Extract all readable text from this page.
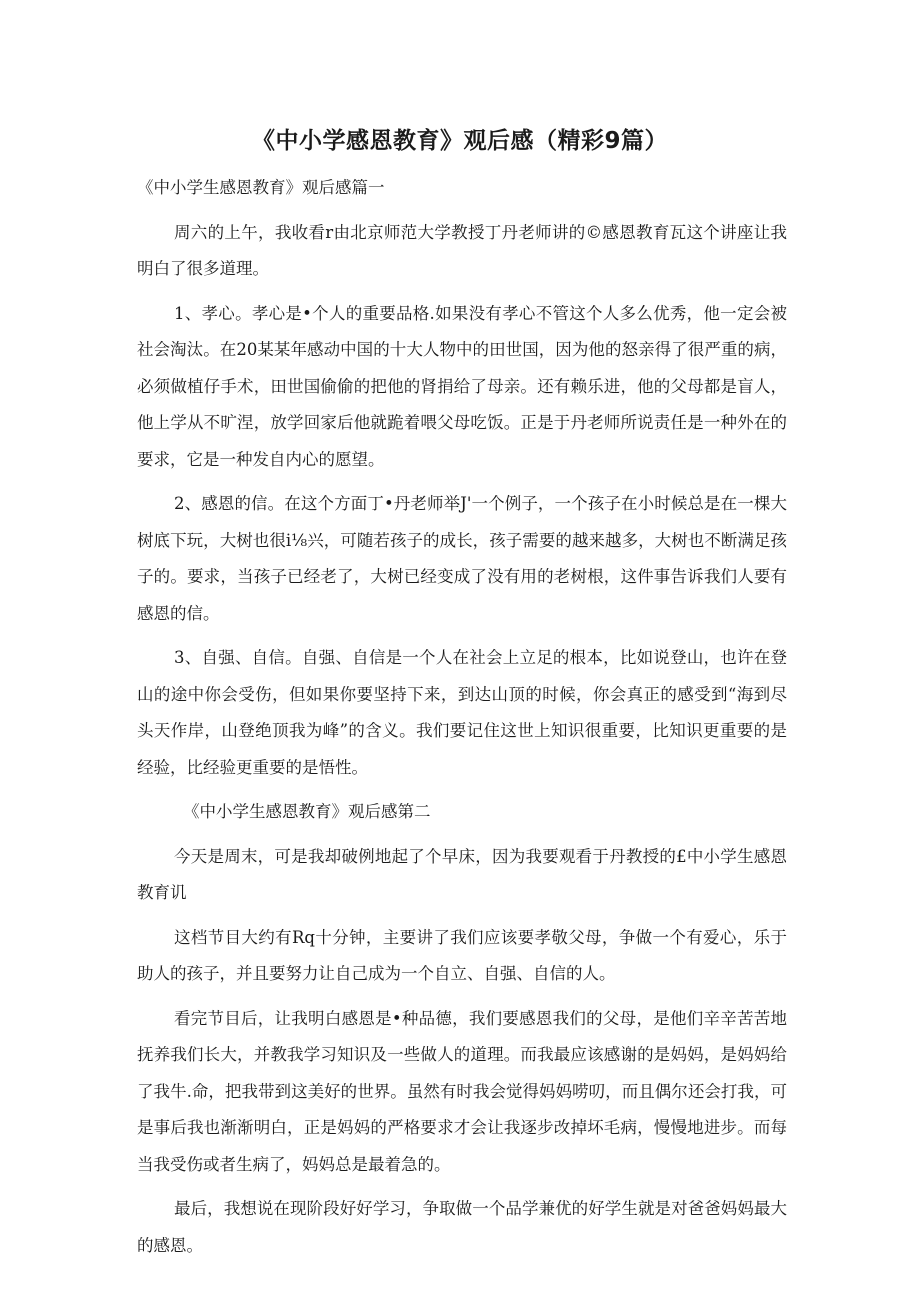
《中小学感恩教育》观后感（精彩9篇）

《中小学生感恩教育》观后感篇一

周六的上午，我收看r由北京师范大学教授丁丹老师讲的©感恩教育瓦这个讲座让我明白了很多道理。

1、孝心。孝心是•个人的重要品格.如果没有孝心不管这个人多么优秀，他一定会被社会淘汰。在20某某年感动中国的十大人物中的田世国，因为他的怒亲得了很严重的病，必须做植仔手术，田世国偷偷的把他的肾捐给了母亲。还有赖乐进，他的父母都是盲人，他上学从不旷涅，放学回家后他就跪着喂父母吃饭。正是于丹老师所说责任是一种外在的要求，它是一种发自内心的愿望。

2、感恩的信。在这个方面丁•丹老师举J'一个例子，一个孩子在小时候总是在一棵大树底下玩，大树也很i⅛兴，可随若孩子的成长，孩子需要的越来越多，大树也不断满足孩子的。要求，当孩子已经老了，大树已经变成了没有用的老树根，这件事告诉我们人要有感恩的信。

3、自强、自信。自强、自信是一个人在社会上立足的根本，比如说登山，也许在登山的途中你会受伤，但如果你要坚持下来，到达山顶的时候，你会真正的感受到“海到尽头天作岸，山登绝顶我为峰”的含义。我们要记住这世上知识很重要，比知识更重要的是经验，比经验更重要的是悟性。

《中小学生感恩教育》观后感第二

今天是周末，可是我却破例地起了个早床，因为我要观看于丹教授的£中小学生感恩教育讥

这档节目大约有Rq十分钟，主要讲了我们应该要孝敬父母，争做一个有爱心，乐于助人的孩子，并且要努力让自己成为一个自立、自强、自信的人。

看完节目后，让我明白感恩是•种品德，我们要感恩我们的父母，是他们辛辛苦苦地抚养我们长大，并教我学习知识及一些做人的道理。而我最应该感谢的是妈妈，是妈妈给了我牛.命，把我带到这美好的世界。虽然有时我会觉得妈妈唠叨，而且偶尔还会打我，可是事后我也渐渐明白，正是妈妈的严格要求才会让我逐步改掉坏毛病，慢慢地进步。而每当我受伤或者生病了，妈妈总是最着急的。

最后，我想说在现阶段好好学习，争取做一个品学兼优的好学生就是对爸爸妈妈最大的感恩。
